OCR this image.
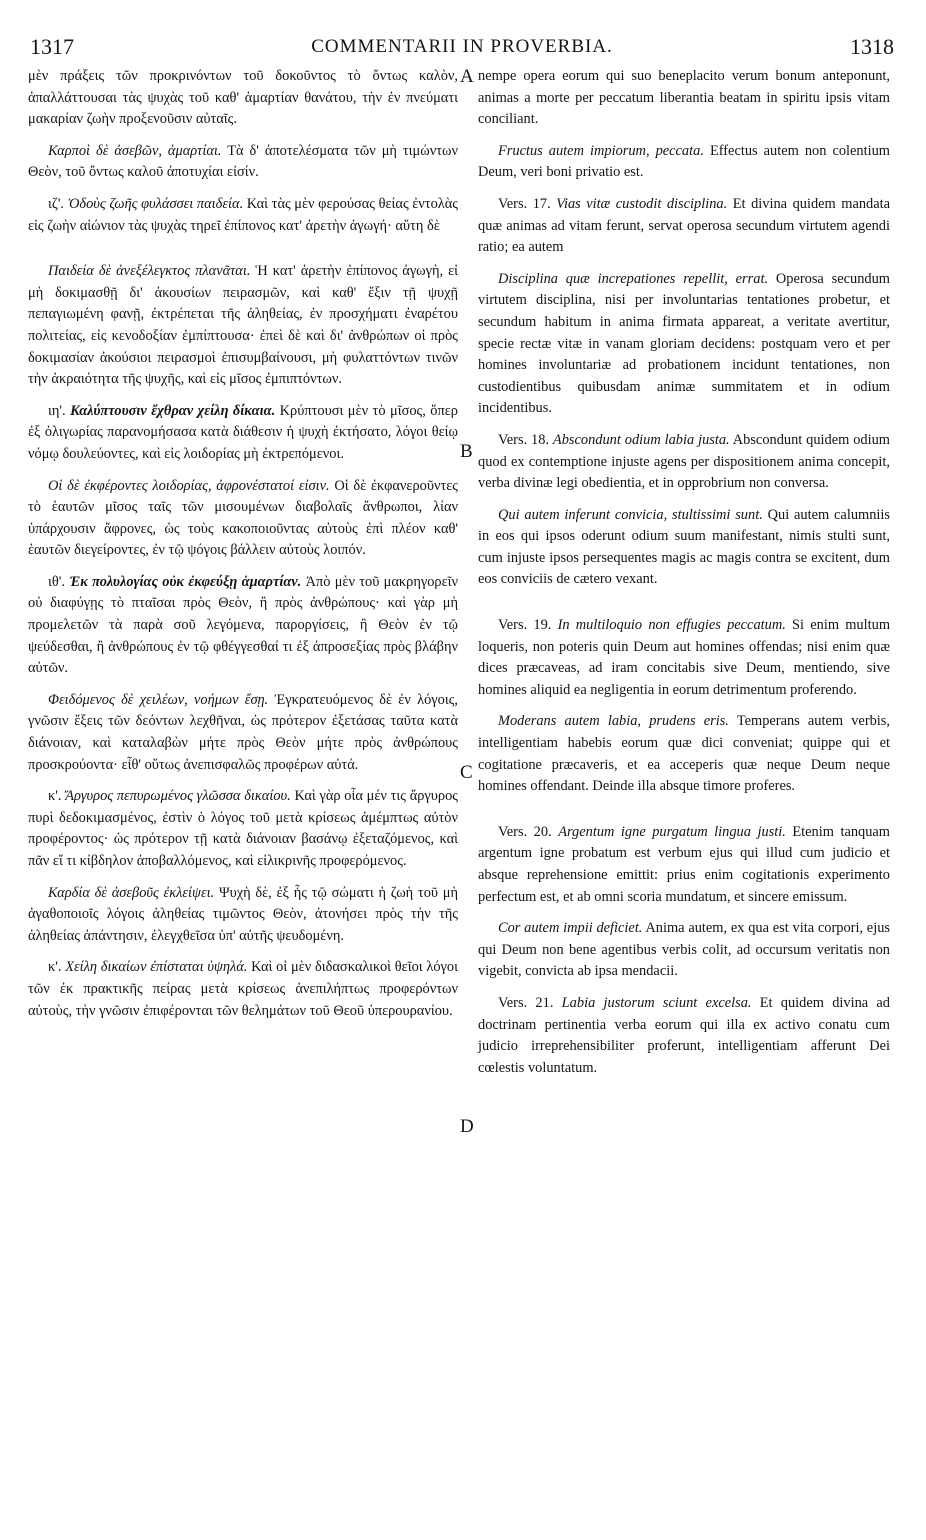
1317	COMMENTARII IN PROVERBIA.	1318
A
B
C
D

μὲν πράξεις τῶν προκρινόντων τοῦ δοκοῦντος τὸ ὄντως καλὸν, ἀπαλλάττουσαι τὰς ψυχὰς τοῦ καθ' ἁμαρτίαν θανάτου, τὴν ἐν πνεύματι μακαρίαν ζωὴν προξενοῦσιν αὐταῖς.

Καρποὶ δὲ ἀσεβῶν, ἁμαρτίαι. Τὰ δ' ἀποτελέσματα τῶν μὴ τιμώντων Θεὸν, τοῦ ὄντως καλοῦ ἀποτυχίαι εἰσίν.

ιζ'. Ὁδοὺς ζωῆς φυλάσσει παιδεία. Καὶ τὰς μὲν φερούσας θείας ἐντολὰς εἰς ζωὴν αἰώνιον τὰς ψυχὰς τηρεῖ ἐπίπονος κατ' ἀρετὴν ἀγωγή· αὕτη δὲ

Παιδεία δὲ ἀνεξέλεγκτος πλανᾶται. Ἡ κατ' ἀρετὴν ἐπίπονος ἀγωγὴ, εἰ μὴ δοκιμασθῇ δι' ἀκουσίων πειρασμῶν, καὶ καθ' ἕξιν τῇ ψυχῇ πεπαγιωμένη φανῇ, ἐκτρέπεται τῆς ἀληθείας, ἐν προσχήματι ἐναρέτου πολιτείας, εἰς κενοδοξίαν ἐμπίπτουσα· ἐπεὶ δὲ καὶ δι' ἀνθρώπων οἱ πρὸς δοκιμασίαν ἀκούσιοι πειρασμοὶ ἐπισυμβαίνουσι, μὴ φυλαττόντων τινῶν τὴν ἀκραιότητα τῆς ψυχῆς, καὶ εἰς μῖσος ἐμπιπτόντων.

ιη'. Καλύπτουσιν ἔχθραν χείλη δίκαια. Κρύπτουσι μὲν τὸ μῖσος, ὅπερ ἐξ ὀλιγωρίας παρανομήσασα κατὰ διάθεσιν ἡ ψυχὴ ἐκτήσατο, λόγοι θείῳ νόμῳ δουλεύοντες, καὶ εἰς λοιδορίας μὴ ἐκτρεπόμενοι.

Οἱ δὲ ἐκφέροντες λοιδορίας, ἀφρονέστατοί εἰσιν. Οἱ δὲ ἐκφανεροῦντες τὸ ἑαυτῶν μῖσος ταῖς τῶν μισουμένων διαβολαῖς ἄνθρωποι, λίαν ὑπάρχουσιν ἄφρονες, ὡς τοὺς κακοποιοῦντας αὐτοὺς ἐπὶ πλέον καθ' ἑαυτῶν διεγείροντες, ἐν τῷ ψόγοις βάλλειν αὐτοὺς λοιπόν.

ιθ'. Ἐκ πολυλογίας οὐκ ἐκφεύξῃ ἁμαρτίαν. Ἀπὸ μὲν τοῦ μακρηγορεῖν οὐ διαφύγῃς τὸ πταῖσαι πρὸς Θεὸν, ἢ πρὸς ἀνθρώπους· καὶ γὰρ μὴ προμελετῶν τὰ παρὰ σοῦ λεγόμενα, παροργίσεις, ἢ Θεὸν ἐν τῷ ψεύδεσθαι, ἢ ἀνθρώπους ἐν τῷ φθέγγεσθαί τι ἐξ ἀπροσεξίας πρὸς βλάβην αὐτῶν.

Φειδόμενος δὲ χειλέων, νοήμων ἔσῃ. Ἐγκρατευόμενος δὲ ἐν λόγοις, γνῶσιν ἕξεις τῶν δεόντων λεχθῆναι, ὡς πρότερον ἐξετάσας ταῦτα κατὰ διάνοιαν, καὶ καταλαβὼν μήτε πρὸς Θεὸν μήτε πρὸς ἀνθρώπους προσκρούοντα· εἶθ' οὕτως ἀνεπισφαλῶς προφέρων αὐτά.

κ'. Ἄργυρος πεπυρωμένος γλῶσσα δικαίου. Καὶ γὰρ οἷα μέν τις ἄργυρος πυρὶ δεδοκιμασμένος, ἐστὶν ὁ λόγος τοῦ μετὰ κρίσεως ἀμέμπτως αὐτὸν προφέροντος· ὡς πρότερον τῇ κατὰ διάνοιαν βασάνῳ ἐξεταζόμενος, καὶ πᾶν εἴ τι κίβδηλον ἀποβαλλόμενος, καὶ εἰλικρινῆς προφερόμενος.

Καρδία δὲ ἀσεβοῦς ἐκλείψει. Ψυχὴ δὲ, ἐξ ἧς τῷ σώματι ἡ ζωὴ τοῦ μὴ ἀγαθοποιοῖς λόγοις ἀληθείας τιμῶντος Θεὸν, ἀτονήσει πρὸς τὴν τῆς ἀληθείας ἀπάντησιν, ἐλεγχθεῖσα ὑπ' αὐτῆς ψευδομένη.

κ'. Χείλη δικαίων ἐπίσταται ὑψηλά. Καὶ οἱ μὲν διδασκαλικοὶ θεῖοι λόγοι τῶν ἐκ πρακτικῆς πείρας μετὰ κρίσεως ἀνεπιλήπτως προφερόντων αὐτοὺς, τὴν γνῶσιν ἐπιφέρονται τῶν θελημάτων τοῦ Θεοῦ ὑπερουρανίου.

nempe opera eorum qui suo beneplacito verum bonum anteponunt, animas a morte per peccatum liberantia beatam in spiritu ipsis vitam conciliant.

Fructus autem impiorum, peccata. Effectus autem non colentium Deum, veri boni privatio est.

Vers. 17. Vias vitæ custodit disciplina. Et divina quidem mandata quæ animas ad vitam ferunt, servat operosa secundum virtutem agendi ratio; ea autem

Disciplina quæ increpationes repellit, errat. Operosa secundum virtutem disciplina, nisi per involuntarias tentationes probetur, et secundum habitum in anima firmata appareat, a veritate avertitur, specie rectæ vitæ in vanam gloriam decidens: postquam vero et per homines involuntariæ ad probationem incidunt tentationes, non custodientibus quibusdam animæ summitatem et in odium incidentibus.

Vers. 18. Abscondunt odium labia justa. Abscondunt quidem odium quod ex contemptione injuste agens per dispositionem anima concepit, verba divinæ legi obedientia, et in opprobrium non conversa.

Qui autem inferunt convicia, stultissimi sunt. Qui autem calumniis in eos qui ipsos oderunt odium suum manifestant, nimis stulti sunt, cum injuste ipsos persequentes magis ac magis contra se excitent, dum eos conviciis de cætero vexant.

Vers. 19. In multiloquio non effugies peccatum. Si enim multum loqueris, non poteris quin Deum aut homines offendas; nisi enim quæ dices præcaveas, ad iram concitabis sive Deum, mentiendo, sive homines aliquid ea negligentia in eorum detrimentum proferendo.

Moderans autem labia, prudens eris. Temperans autem verbis, intelligentiam habebis eorum quæ dici conveniat; quippe qui et cogitatione præcaveris, et ea acceperis quæ neque Deum neque homines offendant. Deinde illa absque timore proferes.

Vers. 20. Argentum igne purgatum lingua justi. Etenim tanquam argentum igne probatum est verbum ejus qui illud cum judicio et absque reprehensione emittit: prius enim cogitationis experimento perfectum est, et ab omni scoria mundatum, et sincere emissum.

Cor autem impii deficiet. Anima autem, ex qua est vita corpori, ejus qui Deum non bene agentibus verbis colit, ad occursum veritatis non vigebit, convicta ab ipsa mendacii.

Vers. 21. Labia justorum sciunt excelsa. Et quidem divina ad doctrinam pertinentia verba eorum qui illa ex activo conatu cum judicio irreprehensibiliter proferunt, intelligentiam afferunt Dei cœlestis voluntatum.
